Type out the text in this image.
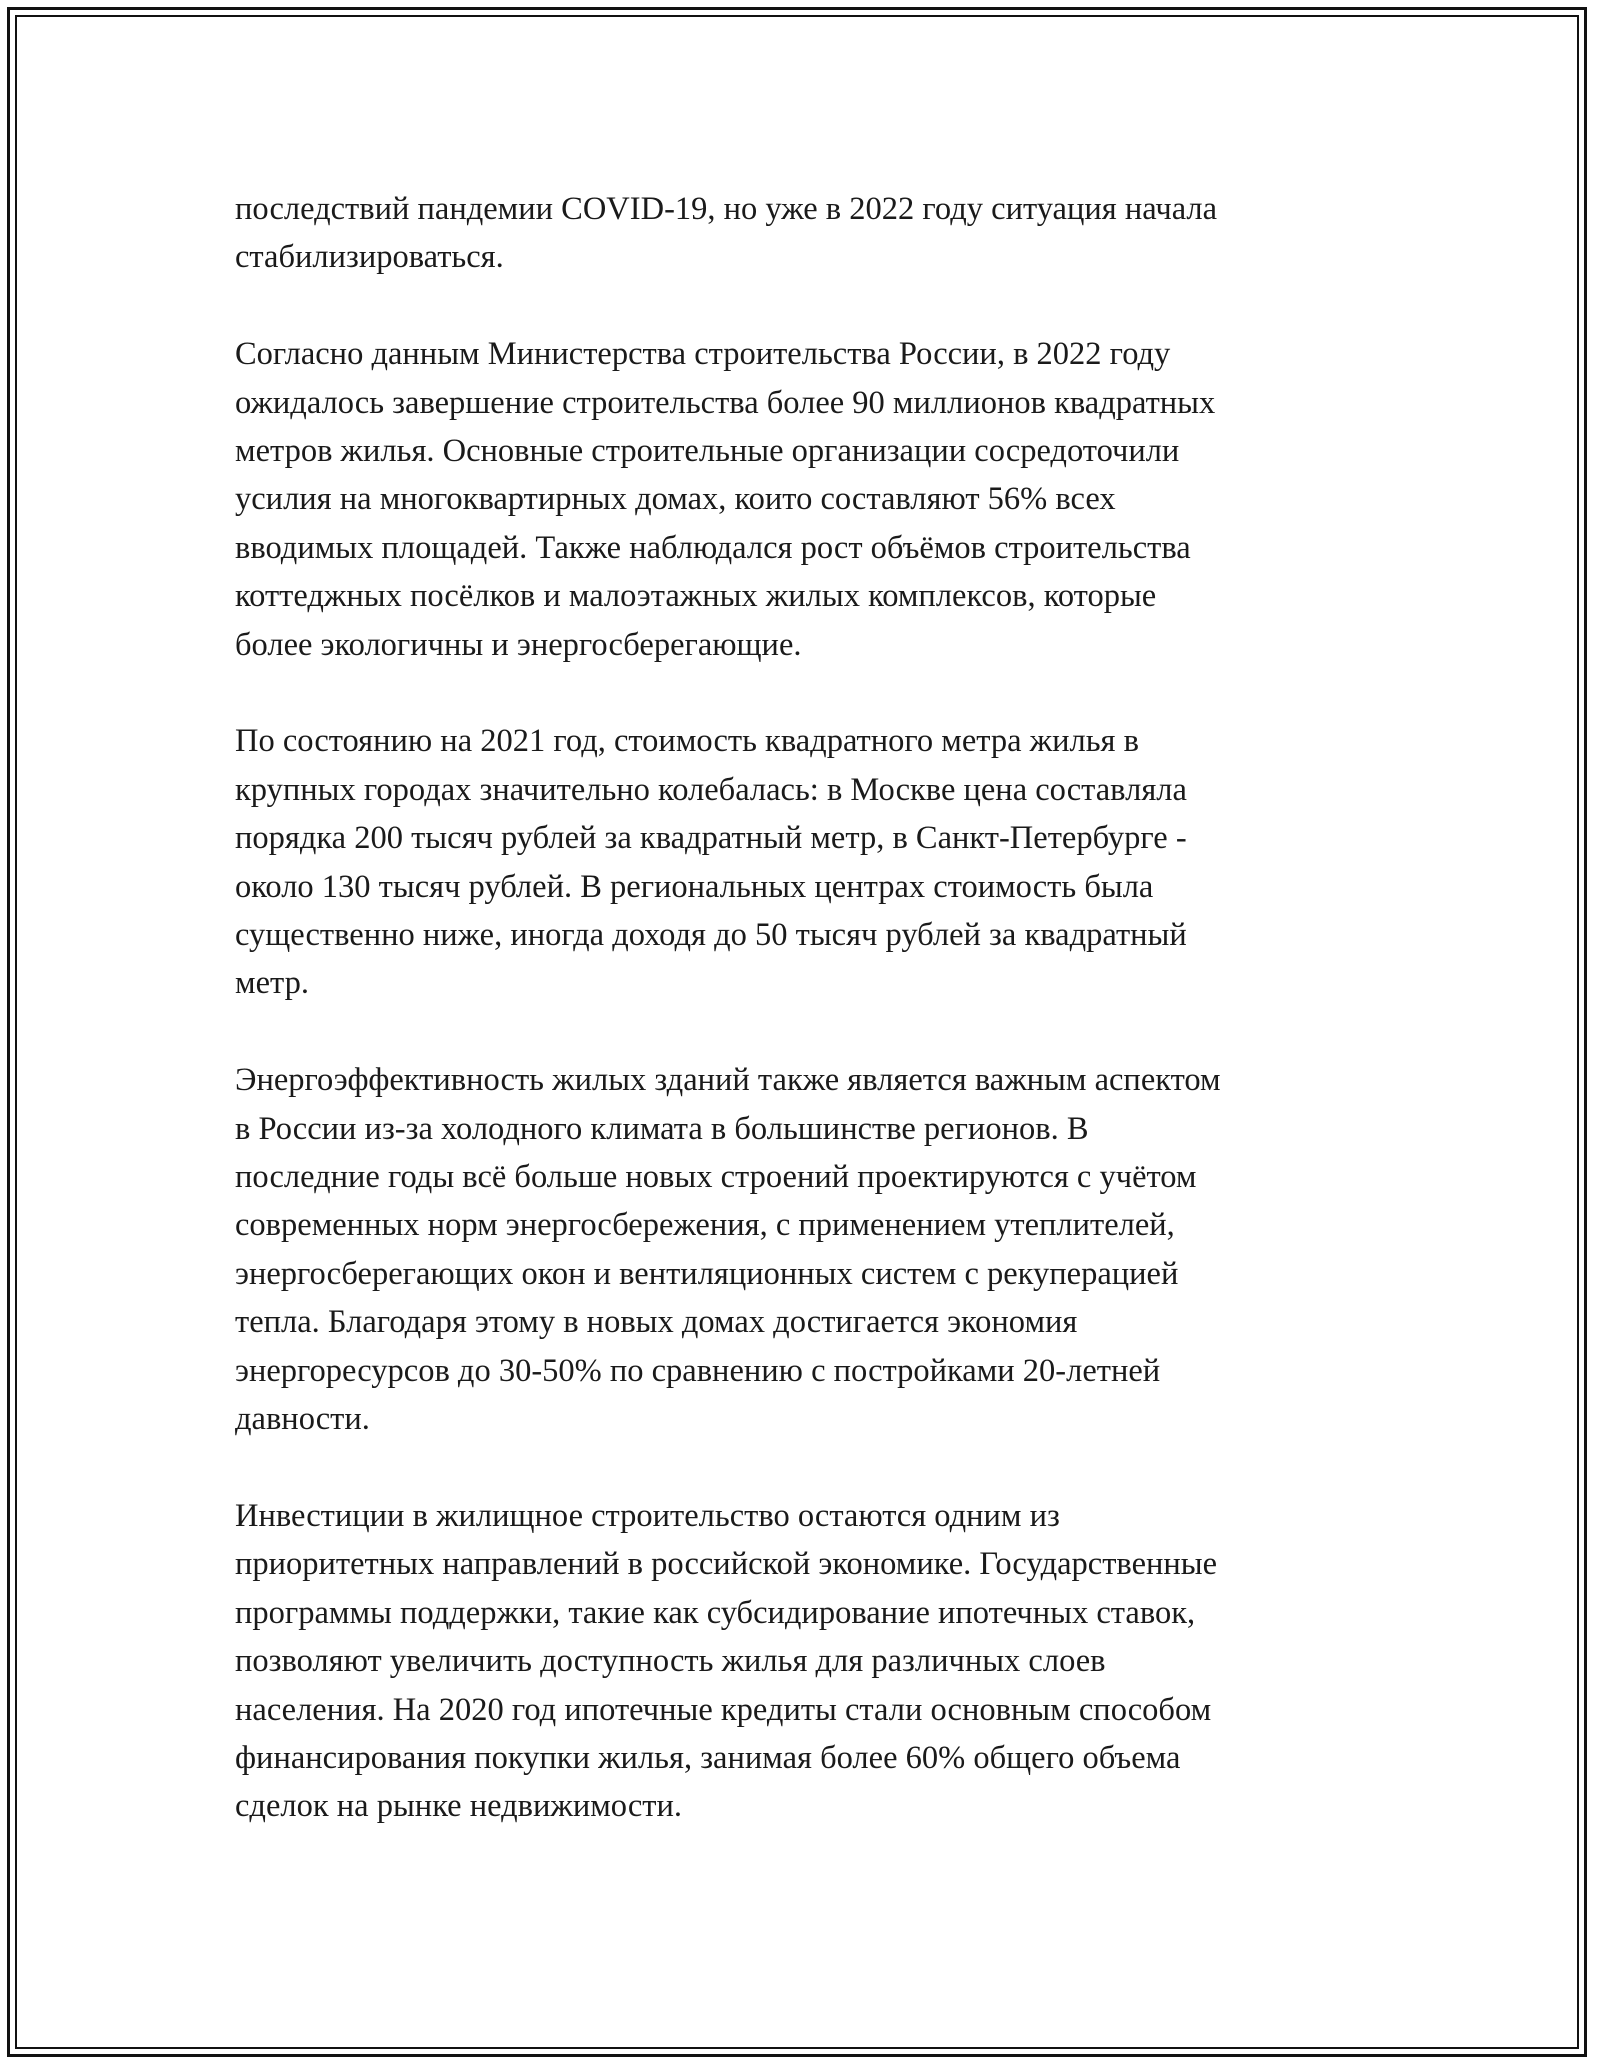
последствий пандемии COVID-19, но уже в 2022 году ситуация начала
стабилизироваться.

Согласно данным Министерства строительства России, в 2022 году
ожидалось завершение строительства более 90 миллионов квадратных
метров жилья. Основные строительные организации сосредоточили
усилия на многоквартирных домах, които составляют 56% всех
вводимых площадей. Также наблюдался рост объёмов строительства
коттеджных посёлков и малоэтажных жилых комплексов, которые
более экологичны и энергосберегающие.

По состоянию на 2021 год, стоимость квадратного метра жилья в
крупных городах значительно колебалась: в Москве цена составляла
порядка 200 тысяч рублей за квадратный метр, в Санкт-Петербурге -
около 130 тысяч рублей. В региональных центрах стоимость была
существенно ниже, иногда доходя до 50 тысяч рублей за квадратный
метр.

Энергоэффективность жилых зданий также является важным аспектом
в России из-за холодного климата в большинстве регионов. В
последние годы всё больше новых строений проектируются с учётом
современных норм энергосбережения, с применением утеплителей,
энергосберегающих окон и вентиляционных систем с рекуперацией
тепла. Благодаря этому в новых домах достигается экономия
энергоресурсов до 30-50% по сравнению с постройками 20-летней
давности.

Инвестиции в жилищное строительство остаются одним из
приоритетных направлений в российской экономике. Государственные
программы поддержки, такие как субсидирование ипотечных ставок,
позволяют увеличить доступность жилья для различных слоев
населения. На 2020 год ипотечные кредиты стали основным способом
финансирования покупки жилья, занимая более 60% общего объема
сделок на рынке недвижимости.
